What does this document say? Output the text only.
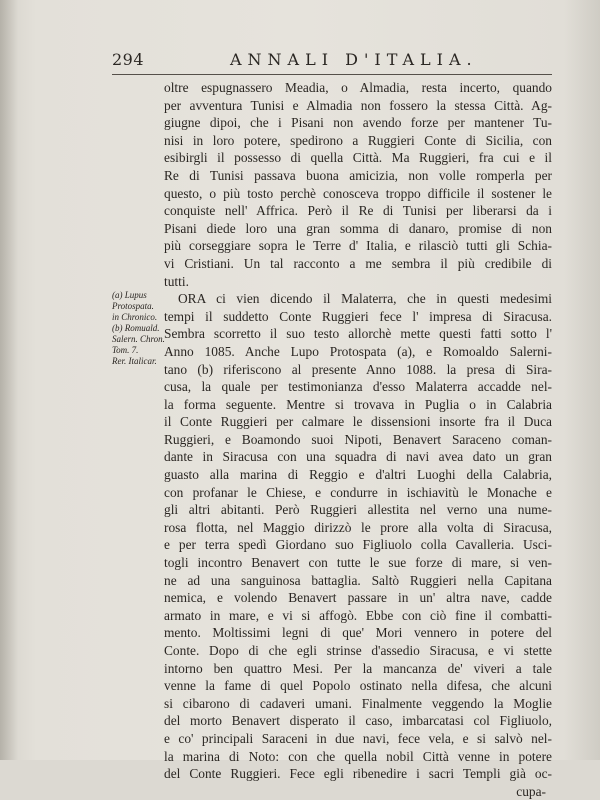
294	ANNALI D'ITALIA.
(a) Lupus
Protospata.
in Chronico.
(b) Romuald.
Salern. Chron.
Tom. 7.
Rer. Italicar.
oltre espugnassero Meadia, o Almadia, resta incerto, quando
per avventura Tunisi e Almadia non fossero la stessa Città. Ag-
giugne dipoi, che i Pisani non avendo forze per mantener Tu-
nisi in loro potere, spedirono a Ruggieri Conte di Sicilia, con
esibirgli il possesso di quella Città. Ma Ruggieri, fra cui e il
Re di Tunisi passava buona amicizia, non volle romperla per
questo, o più tosto perchè conosceva troppo difficile il sostener le
conquiste nell' Affrica. Però il Re di Tunisi per liberarsi da i
Pisani diede loro una gran somma di danaro, promise di non
più corseggiare sopra le Terre d' Italia, e rilasciò tutti gli Schia-
vi Cristiani. Un tal racconto a me sembra il più credibile di
tutti.
ORA ci vien dicendo il Malaterra, che in questi medesimi
tempi il suddetto Conte Ruggieri fece l' impresa di Siracusa.
Sembra scorretto il suo testo allorchè mette questi fatti sotto l'
Anno 1085. Anche Lupo Protospata (a), e Romoaldo Salerni-
tano (b) riferiscono al presente Anno 1088. la presa di Sira-
cusa, la quale per testimonianza d'esso Malaterra accadde nel-
la forma seguente. Mentre si trovava in Puglia o in Calabria
il Conte Ruggieri per calmare le dissensioni insorte fra il Duca
Ruggieri, e Boamondo suoi Nipoti, Benavert Saraceno coman-
dante in Siracusa con una squadra di navi avea dato un gran
guasto alla marina di Reggio e d'altri Luoghi della Calabria,
con profanar le Chiese, e condurre in ischiavitù le Monache e
gli altri abitanti. Però Ruggieri allestita nel verno una nume-
rosa flotta, nel Maggio dirizzò le prore alla volta di Siracusa,
e per terra spedì Giordano suo Figliuolo colla Cavalleria. Usci-
togli incontro Benavert con tutte le sue forze di mare, si ven-
ne ad una sanguinosa battaglia. Saltò Ruggieri nella Capitana
nemica, e volendo Benavert passare in un' altra nave, cadde
armato in mare, e vi si affogò. Ebbe con ciò fine il combatti-
mento. Moltissimi legni di que' Mori vennero in potere del
Conte. Dopo di che egli strinse d'assedio Siracusa, e vi stette
intorno ben quattro Mesi. Per la mancanza de' viveri a tale
venne la fame di quel Popolo ostinato nella difesa, che alcuni
si cibarono di cadaveri umani. Finalmente veggendo la Moglie
del morto Benavert disperato il caso, imbarcatasi col Figliuolo,
e co' principali Saraceni in due navi, fece vela, e si salvò nel-
la marina di Noto: con che quella nobil Città venne in potere
del Conte Ruggieri. Fece egli ribenedire i sacri Templi già oc-
cupa-
